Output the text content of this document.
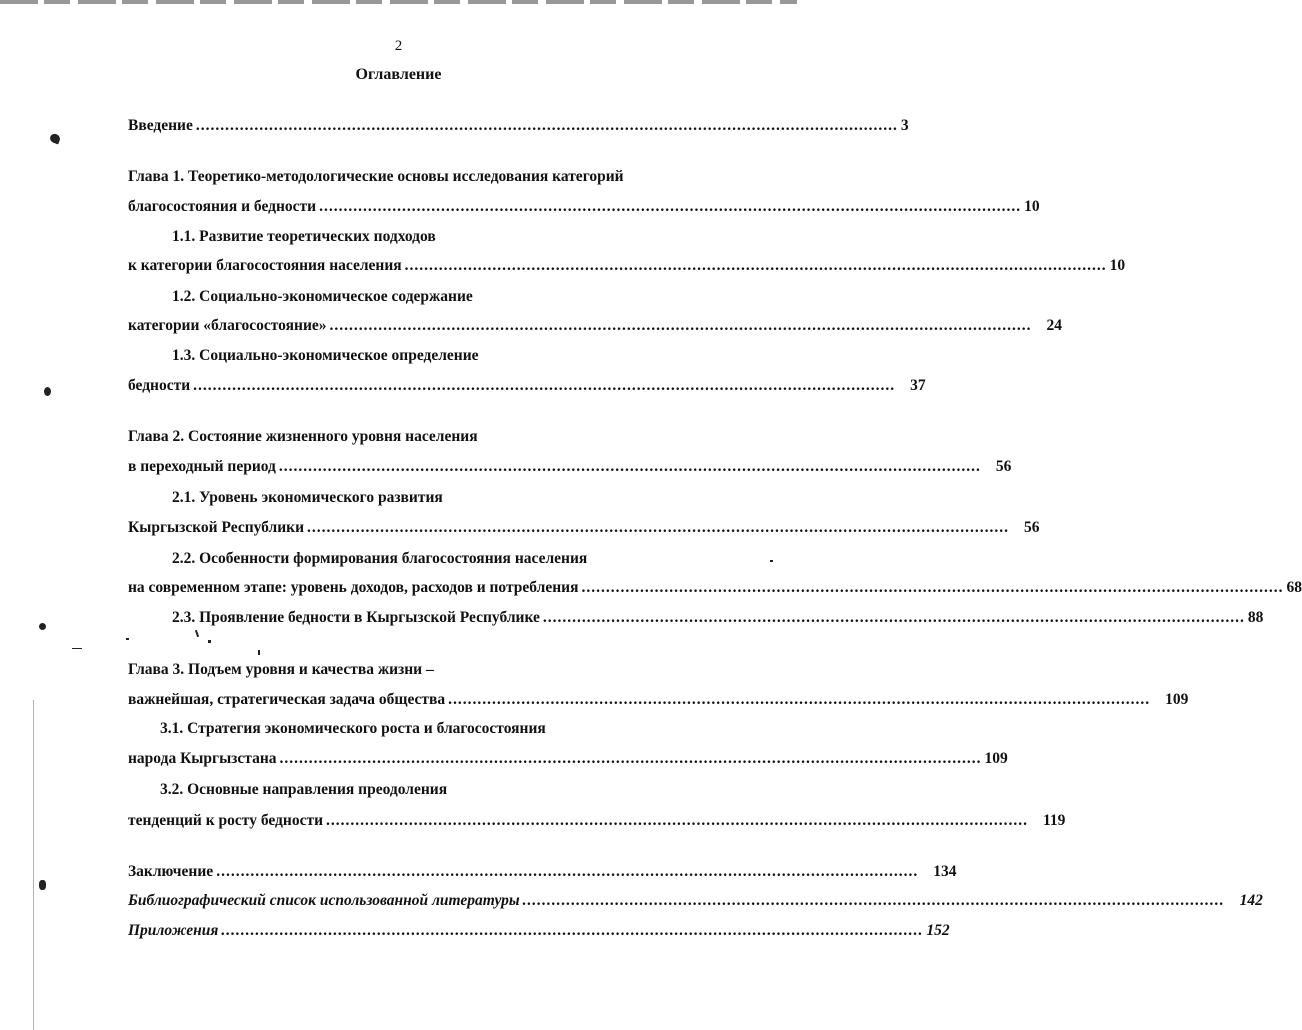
2
Оглавление
Введение ................................................................................................................................................ 3
Глава 1. Теоретико-методологические основы исследования категорий
благосостояния и бедности ................................................................................................................................................ 10
1.1. Развитие теоретических подходов
к категории благосостояния населения ................................................................................................................................................ 10
1.2. Социально-экономическое содержание
категории «благосостояние» ................................................................................................................................................ 24
1.3. Социально-экономическое определение
бедности ................................................................................................................................................ 37
Глава 2. Состояние жизненного уровня населения
в переходный период ................................................................................................................................................ 56
2.1. Уровень экономического развития
Кыргызской Республики ................................................................................................................................................ 56
2.2. Особенности формирования благосостояния населения
на современном этапе: уровень доходов, расходов и потребления ................................................................................................................................................ 68
2.3. Проявление бедности в Кыргызской Республике ................................................................................................................................................ 88
Глава 3. Подъем уровня и качества жизни –
важнейшая, стратегическая задача общества ................................................................................................................................................ 109
3.1. Стратегия экономического роста и благосостояния
народа Кыргызстана ................................................................................................................................................ 109
3.2. Основные направления преодоления
тенденций к росту бедности ................................................................................................................................................ 119
Заключение ................................................................................................................................................ 134
Библиографический список использованной литературы ................................................................................................................................................ 142
Приложения ................................................................................................................................................ 152
